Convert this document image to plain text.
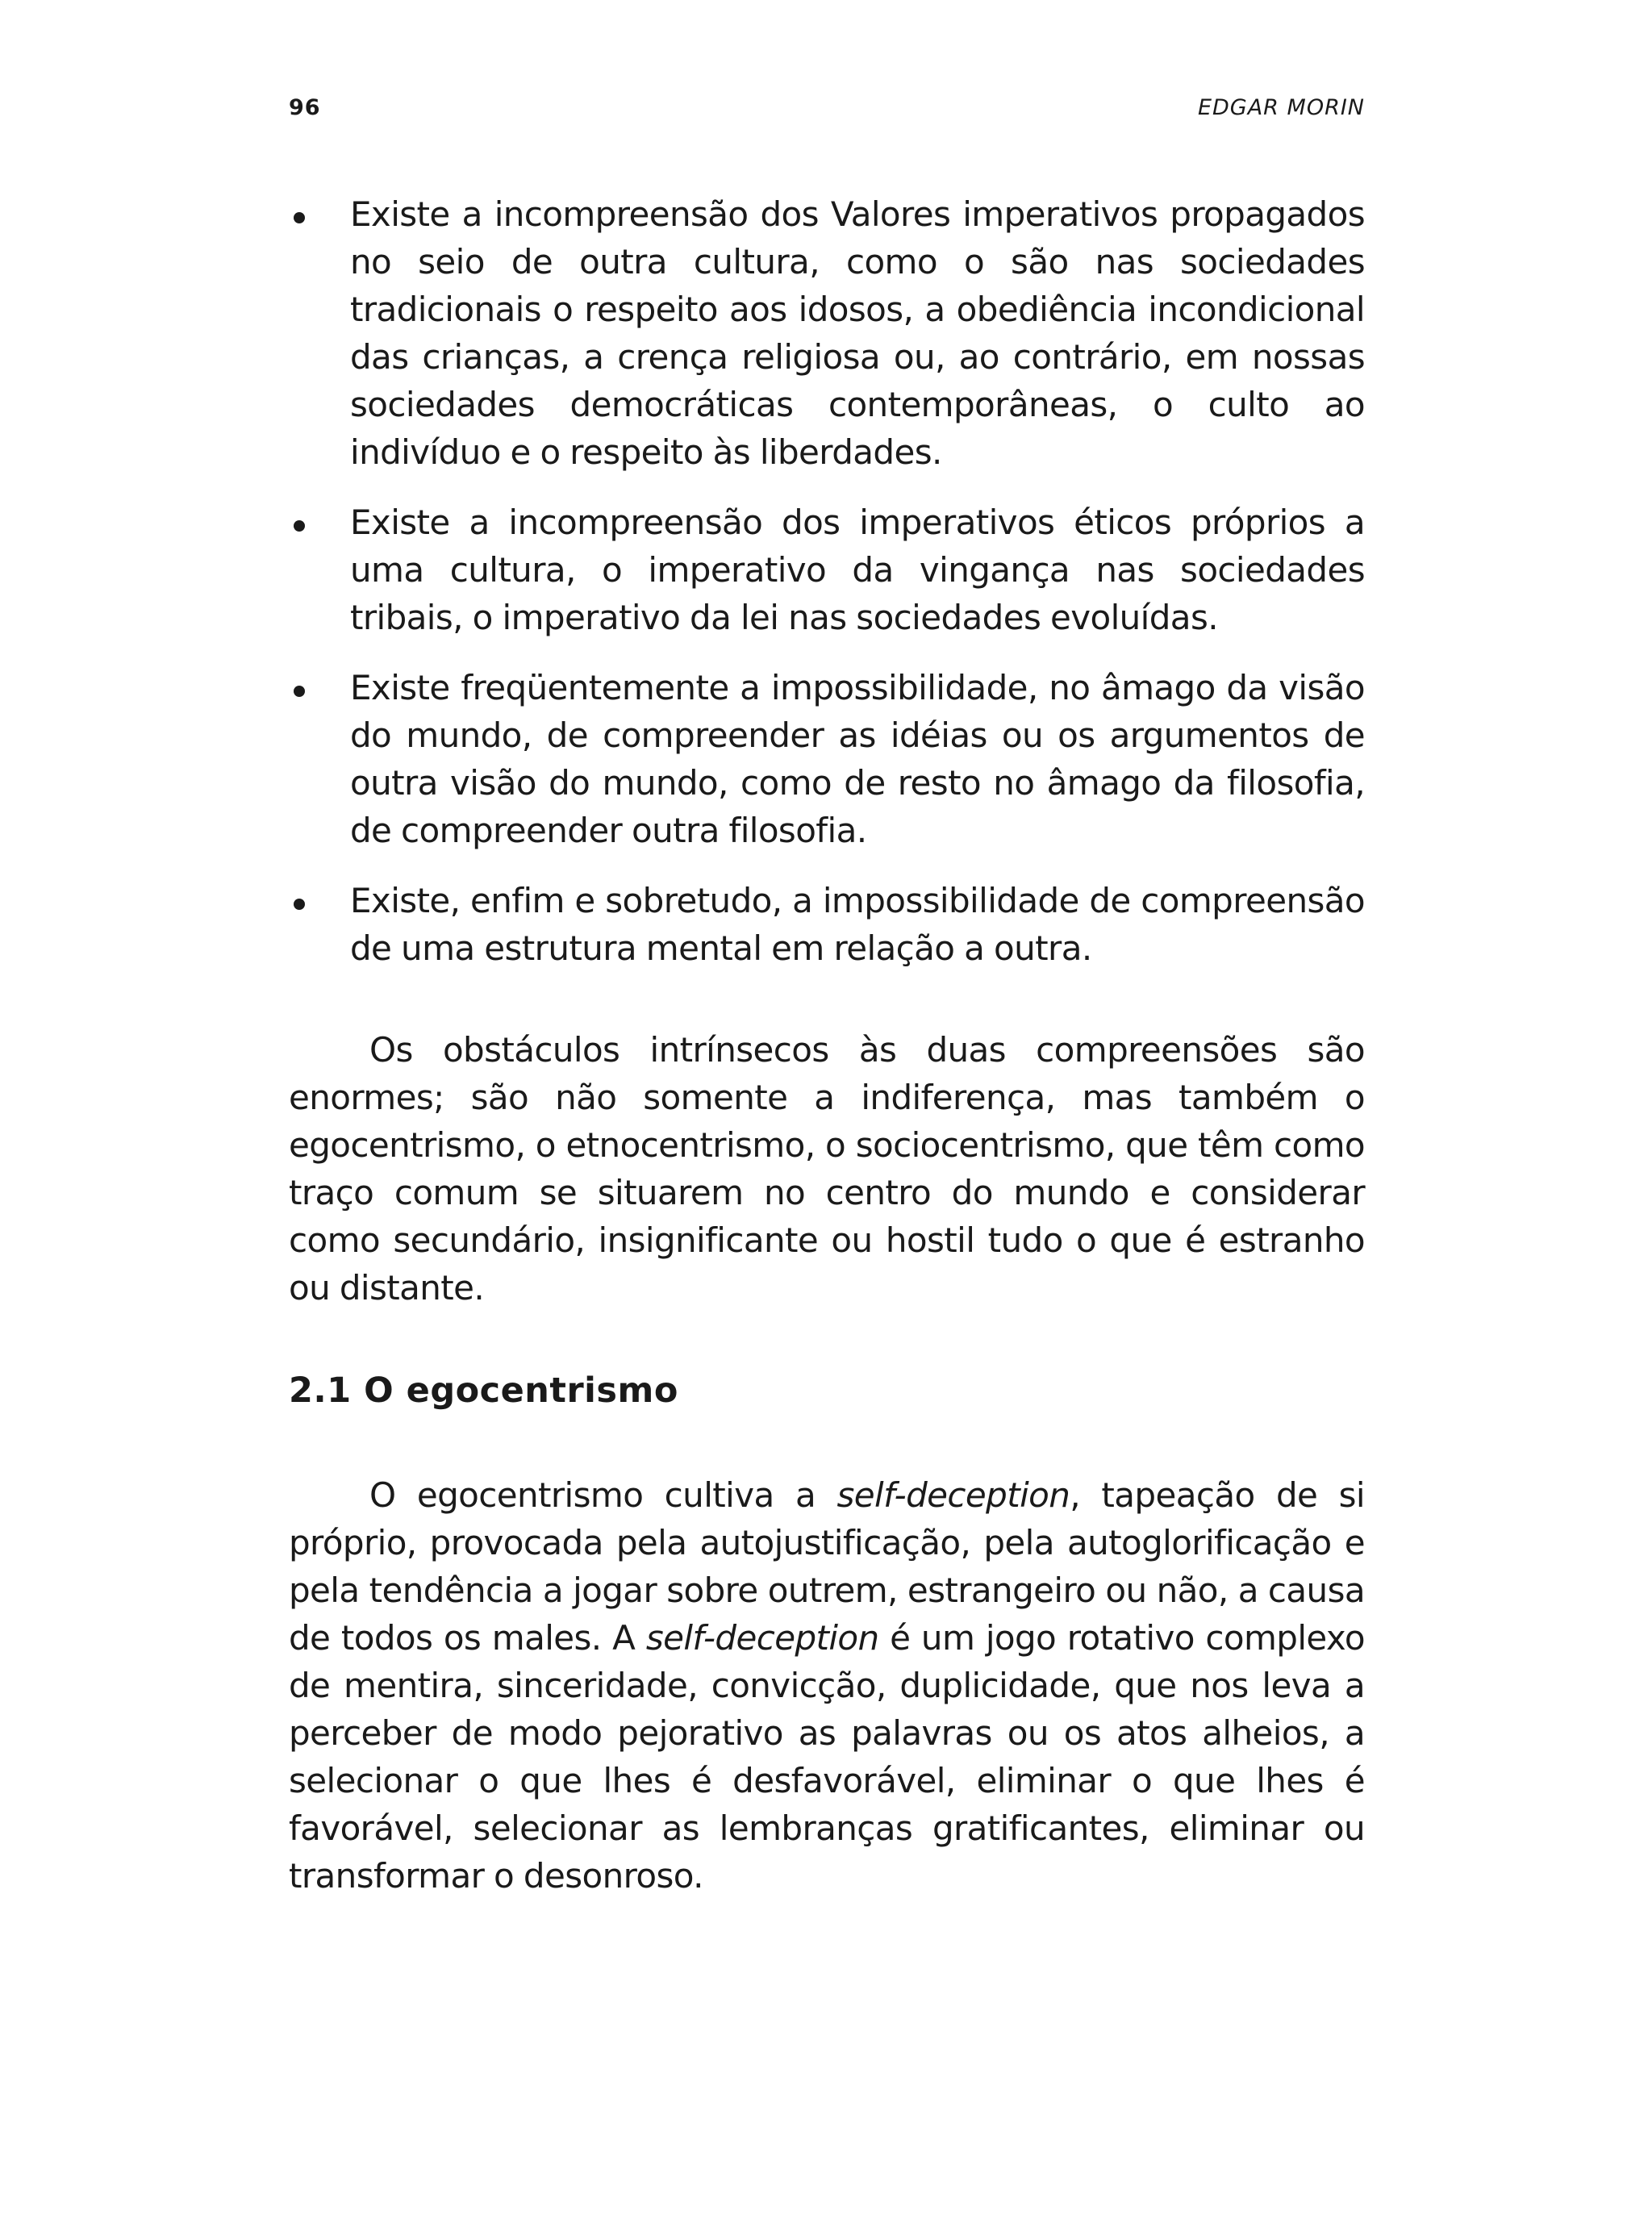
96	EDGAR MORIN

Existe a incompreensão dos Valores imperativos propagados no seio de outra cultura, como o são nas sociedades tradicionais o respeito aos idosos, a obediência incondicional das crianças, a crença religiosa ou, ao contrário, em nossas sociedades democráticas contemporâneas, o culto ao indivíduo e o respeito às liberdades.

Existe a incompreensão dos imperativos éticos próprios a uma cultura, o imperativo da vingança nas sociedades tribais, o imperativo da lei nas sociedades evoluídas.

Existe freqüentemente a impossibilidade, no âmago da visão do mundo, de compreender as idéias ou os argumentos de outra visão do mundo, como de resto no âmago da filosofia, de compreender outra filosofia.

Existe, enfim e sobretudo, a impossibilidade de compreensão de uma estrutura mental em relação a outra.

Os obstáculos intrínsecos às duas compreensões são enormes; são não somente a indiferença, mas também o egocentrismo, o etnocentrismo, o sociocentrismo, que têm como traço comum se situarem no centro do mundo e considerar como secundário, insignificante ou hostil tudo o que é estranho ou distante.

2.1 O egocentrismo

O egocentrismo cultiva a self-deception, tapeação de si próprio, provocada pela autojustificação, pela autoglorificação e pela tendência a jogar sobre outrem, estrangeiro ou não, a causa de todos os males. A self-deception é um jogo rotativo complexo de mentira, sinceridade, convicção, duplicidade, que nos leva a perceber de modo pejorativo as palavras ou os atos alheios, a selecionar o que lhes é desfavorável, eliminar o que lhes é favorável, selecionar as lembranças gratificantes, eliminar ou transformar o desonroso.
